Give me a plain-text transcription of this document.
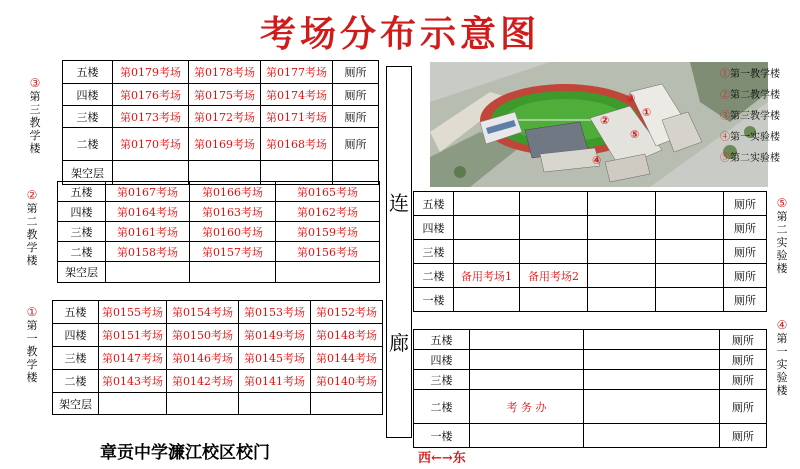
考场分布示意图
③
第
三
教
学
楼
五楼	第0179考场	第0178考场	第0177考场	厕所
四楼	第0176考场	第0175考场	第0174考场	厕所
三楼	第0173考场	第0172考场	第0171考场	厕所
二楼	第0170考场	第0169考场	第0168考场	厕所
架空层				
②
第
二
教
学
楼
五楼	第0167考场	第0166考场	第0165考场
四楼	第0164考场	第0163考场	第0162考场
三楼	第0161考场	第0160考场	第0159考场
二楼	第0158考场	第0157考场	第0156考场
架空层			
①
第
一
教
学
楼
五楼	第0155考场	第0154考场	第0153考场	第0152考场
四楼	第0151考场	第0150考场	第0149考场	第0148考场
三楼	第0147考场	第0146考场	第0145考场	第0144考场
二楼	第0143考场	第0142考场	第0141考场	第0140考场
架空层				
连
廊
①
②
③
④
⑤
①第一教学楼
②第二教学楼
③第三教学楼
④第一实验楼
⑤第二实验楼
⑤
第
二
实
验
楼
五楼					厕所
四楼					厕所
三楼					厕所
二楼	备用考场1	备用考场2			厕所
一楼					厕所
④
第
一
实
验
楼
五楼			厕所
四楼			厕所
三楼			厕所
二楼	考 务 办		厕所
一楼			厕所
章贡中学濂江校区校门	西←→东
